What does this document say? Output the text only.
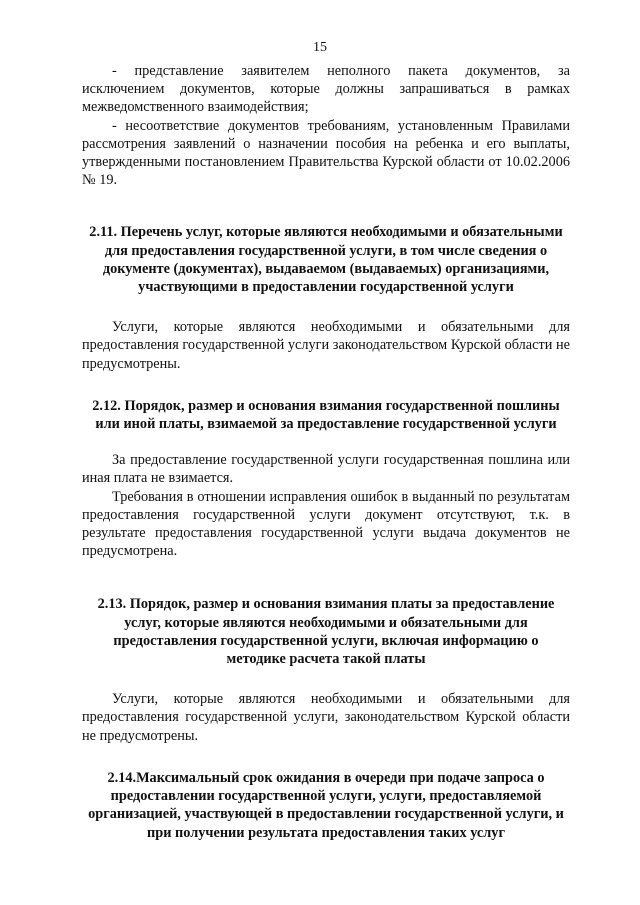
15

- представление заявителем неполного пакета документов, за исключением документов, которые должны запрашиваться в рамках межведомственного взаимодействия;

- несоответствие документов требованиям, установленным Правилами рассмотрения заявлений о назначении пособия на ребенка и его выплаты, утвержденными постановлением Правительства Курской области от 10.02.2006 № 19.

2.11. Перечень услуг, которые являются необходимыми и обязательными для предоставления государственной услуги, в том числе сведения о документе (документах), выдаваемом (выдаваемых) организациями, участвующими в предоставлении государственной услуги

Услуги, которые являются необходимыми и обязательными для предоставления государственной услуги законодательством Курской области не предусмотрены.

2.12. Порядок, размер и основания взимания государственной пошлины или иной платы, взимаемой за предоставление государственной услуги

За предоставление государственной услуги государственная пошлина или иная плата не взимается.

Требования в отношении исправления ошибок в выданный по результатам предоставления государственной услуги документ отсутствуют, т.к. в результате предоставления государственной услуги выдача документов не предусмотрена.

2.13. Порядок, размер и основания взимания платы за предоставление услуг, которые являются необходимыми и обязательными для предоставления государственной услуги, включая информацию о методике расчета такой платы

Услуги, которые являются необходимыми и обязательными для предоставления государственной услуги, законодательством Курской области не предусмотрены.

2.14.Максимальный срок ожидания в очереди при подаче запроса о предоставлении государственной услуги, услуги, предоставляемой организацией, участвующей в предоставлении государственной услуги, и при получении результата предоставления таких услуг
